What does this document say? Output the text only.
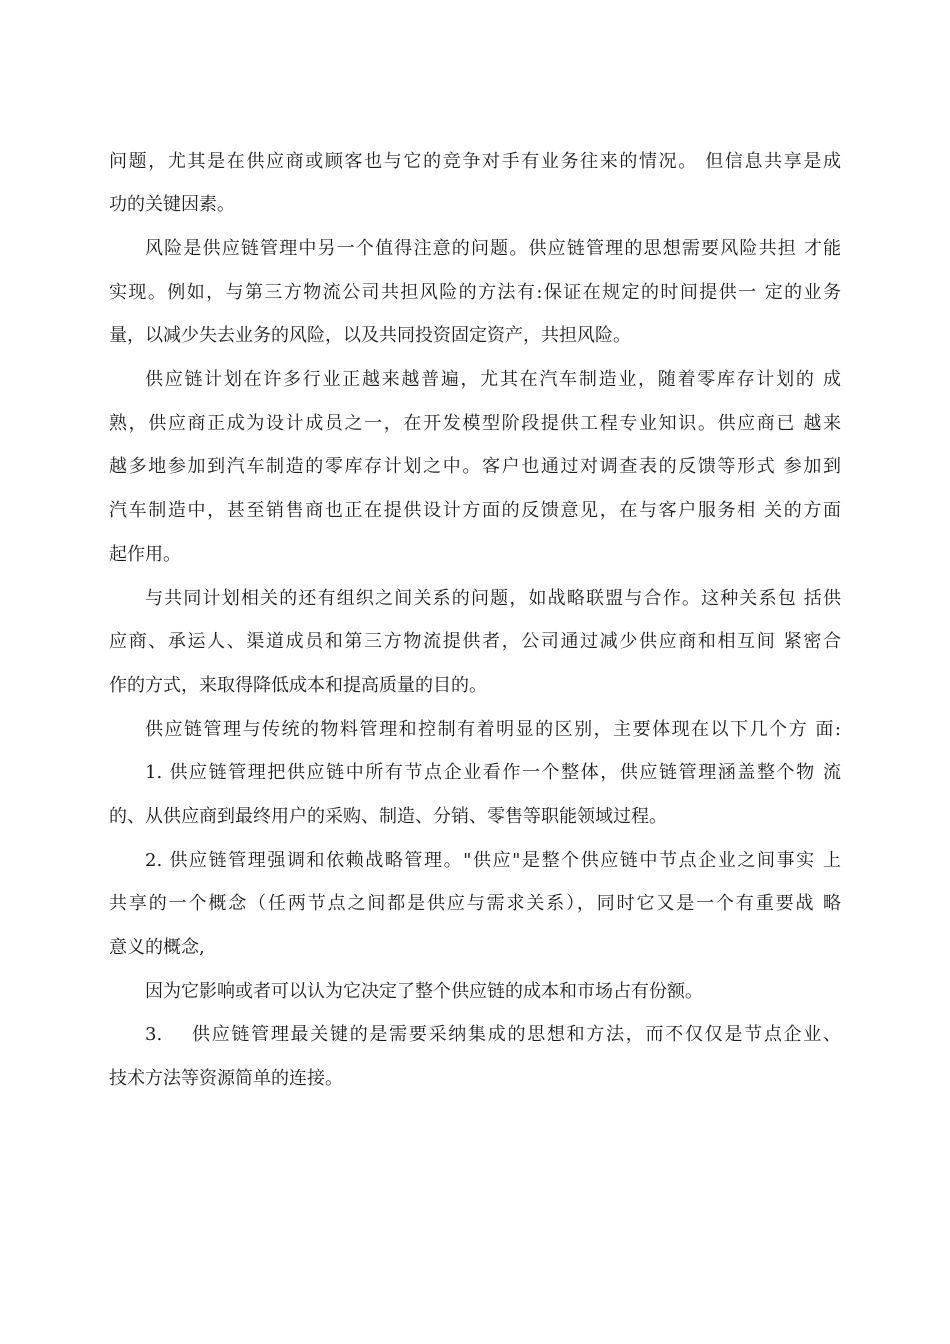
问题，尤其是在供应商或顾客也与它的竞争对手有业务往来的情况。 但信息共享是成
功的关键因素。
风险是供应链管理中另一个值得注意的问题。供应链管理的思想需要风险共担 才能
实现。例如，与第三方物流公司共担风险的方法有:保证在规定的时间提供一 定的业务
量，以减少失去业务的风险，以及共同投资固定资产，共担风险。
供应链计划在许多行业正越来越普遍，尤其在汽车制造业，随着零库存计划的 成
熟，供应商正成为设计成员之一，在开发模型阶段提供工程专业知识。供应商已 越来
越多地参加到汽车制造的零库存计划之中。客户也通过对调查表的反馈等形式 参加到
汽车制造中，甚至销售商也正在提供设计方面的反馈意见，在与客户服务相 关的方面
起作用。
与共同计划相关的还有组织之间关系的问题，如战略联盟与合作。这种关系包 括供
应商、承运人、渠道成员和第三方物流提供者，公司通过减少供应商和相互间 紧密合
作的方式，来取得降低成本和提高质量的目的。
供应链管理与传统的物料管理和控制有着明显的区别，主要体现在以下几个方 面:
1. 供应链管理把供应链中所有节点企业看作一个整体，供应链管理涵盖整个物 流
的、从供应商到最终用户的采购、制造、分销、零售等职能领域过程。
2. 供应链管理强调和依赖战略管理。"供应"是整个供应链中节点企业之间事实 上
共享的一个概念（任两节点之间都是供应与需求关系），同时它又是一个有重要战 略
意义的概念,
因为它影响或者可以认为它决定了整个供应链的成本和市场占有份额。
3.    供应链管理最关键的是需要采纳集成的思想和方法，而不仅仅是节点企业、
技术方法等资源简单的连接。
